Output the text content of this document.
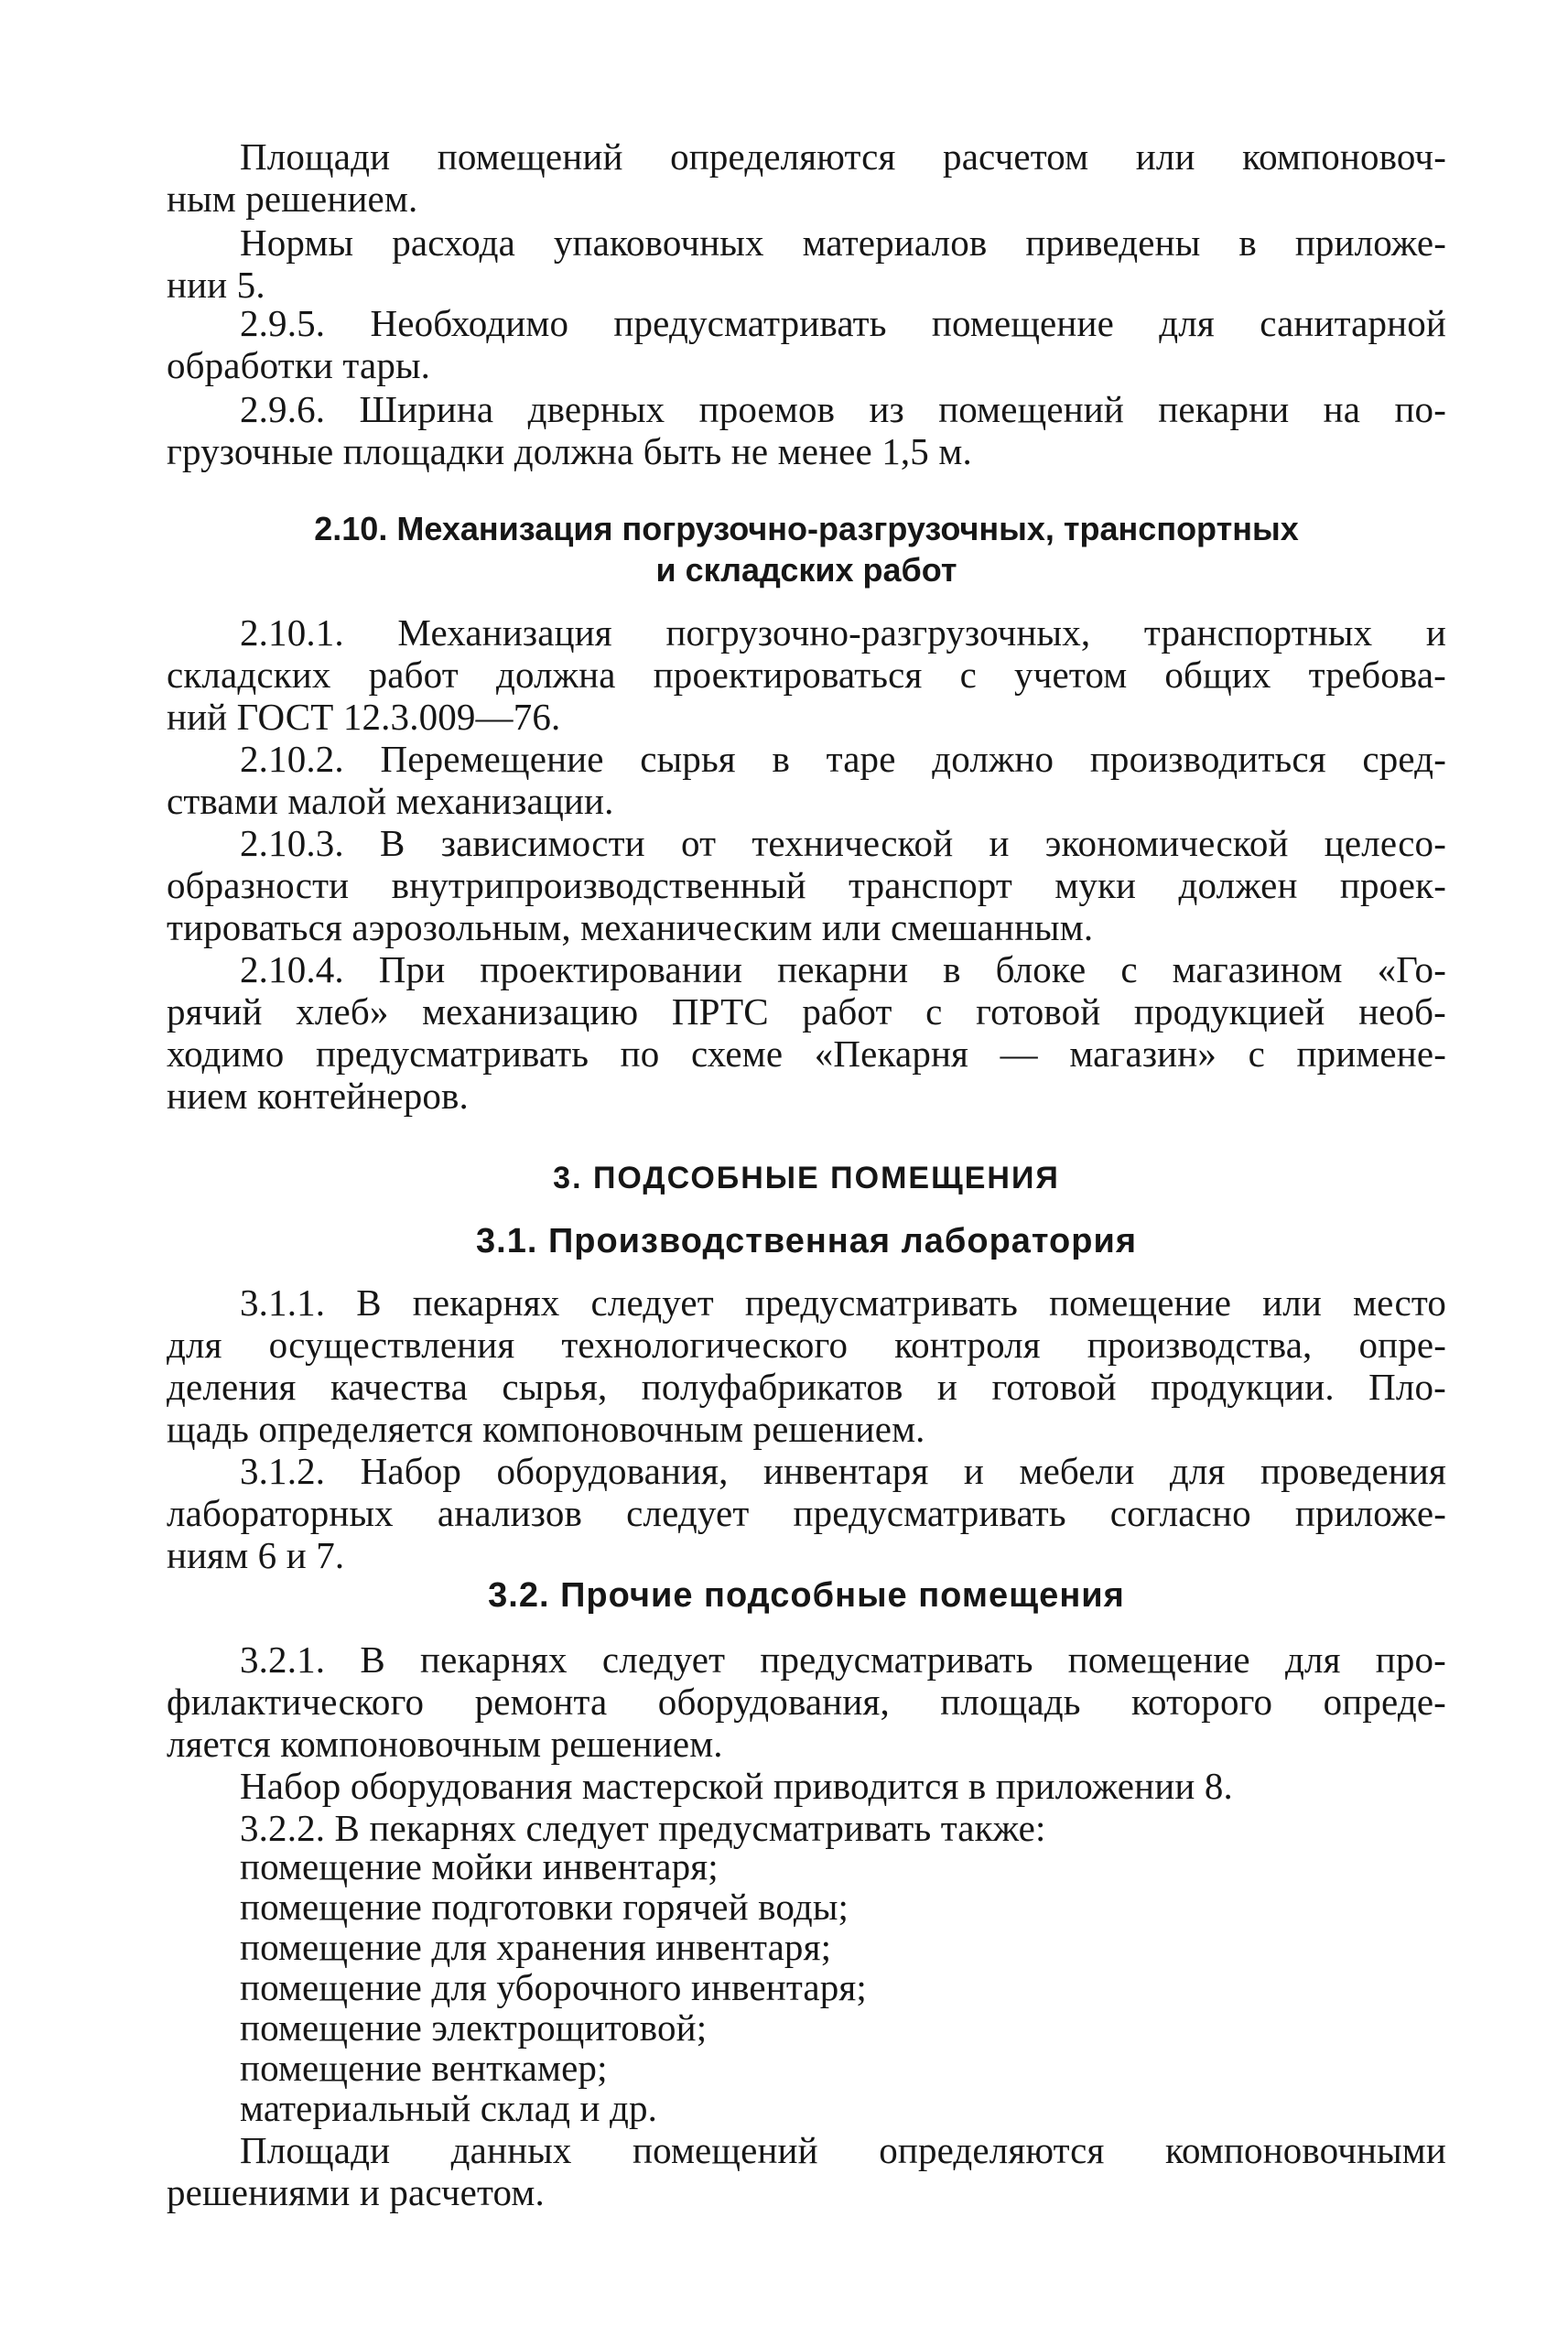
Площади помещений определяются расчетом или компоновоч-

ным решением.

Нормы расхода упаковочных материалов приведены в приложе-

нии 5.

2.9.5. Необходимо предусматривать помещение для санитарной

обработки тары.

2.9.6. Ширина дверных проемов из помещений пекарни на по-

грузочные площадки должна быть не менее 1,5 м.

2.10. Механизация погрузочно-разгрузочных, транспортных

и складских работ

2.10.1. Механизация погрузочно-разгрузочных, транспортных и

складских работ должна проектироваться с учетом общих требова-

ний ГОСТ 12.3.009—76.

2.10.2. Перемещение сырья в таре должно производиться сред-

ствами малой механизации.

2.10.3. В зависимости от технической и экономической целесо-

образности внутрипроизводственный транспорт муки должен проек-

тироваться аэрозольным, механическим или смешанным.

2.10.4. При проектировании пекарни в блоке с магазином «Го-

рячий хлеб» механизацию ПРТС работ с готовой продукцией необ-

ходимо предусматривать по схеме «Пекарня — магазин» с примене-

нием контейнеров.

3. ПОДСОБНЫЕ ПОМЕЩЕНИЯ

3.1. Производственная лаборатория

3.1.1. В пекарнях следует предусматривать помещение или место

для осуществления технологического контроля производства, опре-

деления качества сырья, полуфабрикатов и готовой продукции. Пло-

щадь определяется компоновочным решением.

3.1.2. Набор оборудования, инвентаря и мебели для проведения

лабораторных анализов следует предусматривать согласно приложе-

ниям 6 и 7.

3.2. Прочие подсобные помещения

3.2.1. В пекарнях следует предусматривать помещение для про-

филактического ремонта оборудования, площадь которого опреде-

ляется компоновочным решением.

Набор оборудования мастерской приводится в приложении 8.

3.2.2. В пекарнях следует предусматривать также:

помещение мойки инвентаря;

помещение подготовки горячей воды;

помещение для хранения инвентаря;

помещение для уборочного инвентаря;

помещение электрощитовой;

помещение венткамер;

материальный склад и др.

Площади данных помещений определяются компоновочными

решениями и расчетом.
